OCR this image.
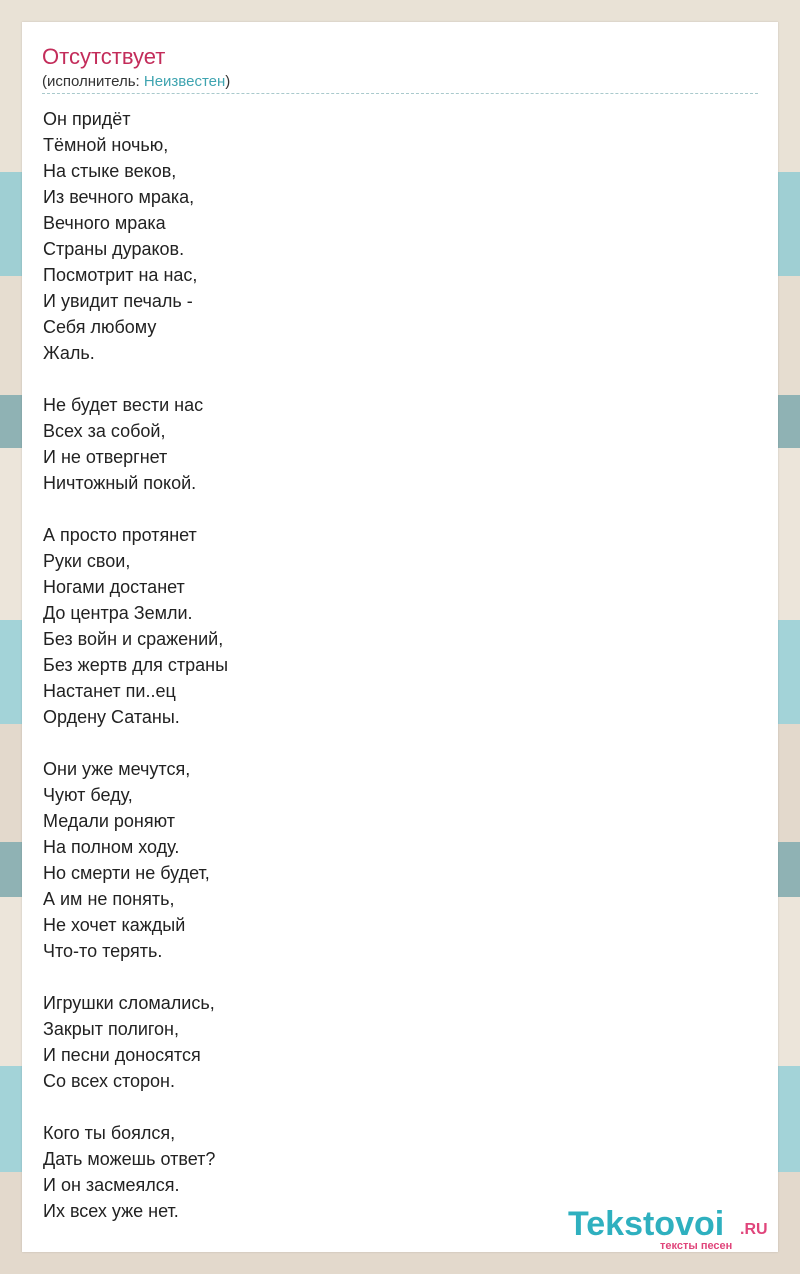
Отсутствует
(исполнитель: Неизвестен)
Он придёт
Тёмной ночью,
На стыке веков,
Из вечного мрака,
Вечного мрака
Страны дураков.
Посмотрит на нас,
И увидит печаль -
Себя любому
Жаль.
Не будет вести нас
Всех за собой,
И не отвергнет
Ничтожный покой.
А просто протянет
Руки свои,
Ногами достанет
До центра Земли.
Без войн и сражений,
Без жертв для страны
Настанет пи..ец
Ордену Сатаны.
Они уже мечутся,
Чуют беду,
Медали роняют
На полном ходу.
Но смерти не будет,
А им не понять,
Не хочет каждый
Что-то терять.
Игрушки сломались,
Закрыт полигон,
И песни доносятся
Со всех сторон.
Кого ты боялся,
Дать можешь ответ?
И он засмеялся.
Их всех уже нет.	Tekstovoi .RU
тексты песен
